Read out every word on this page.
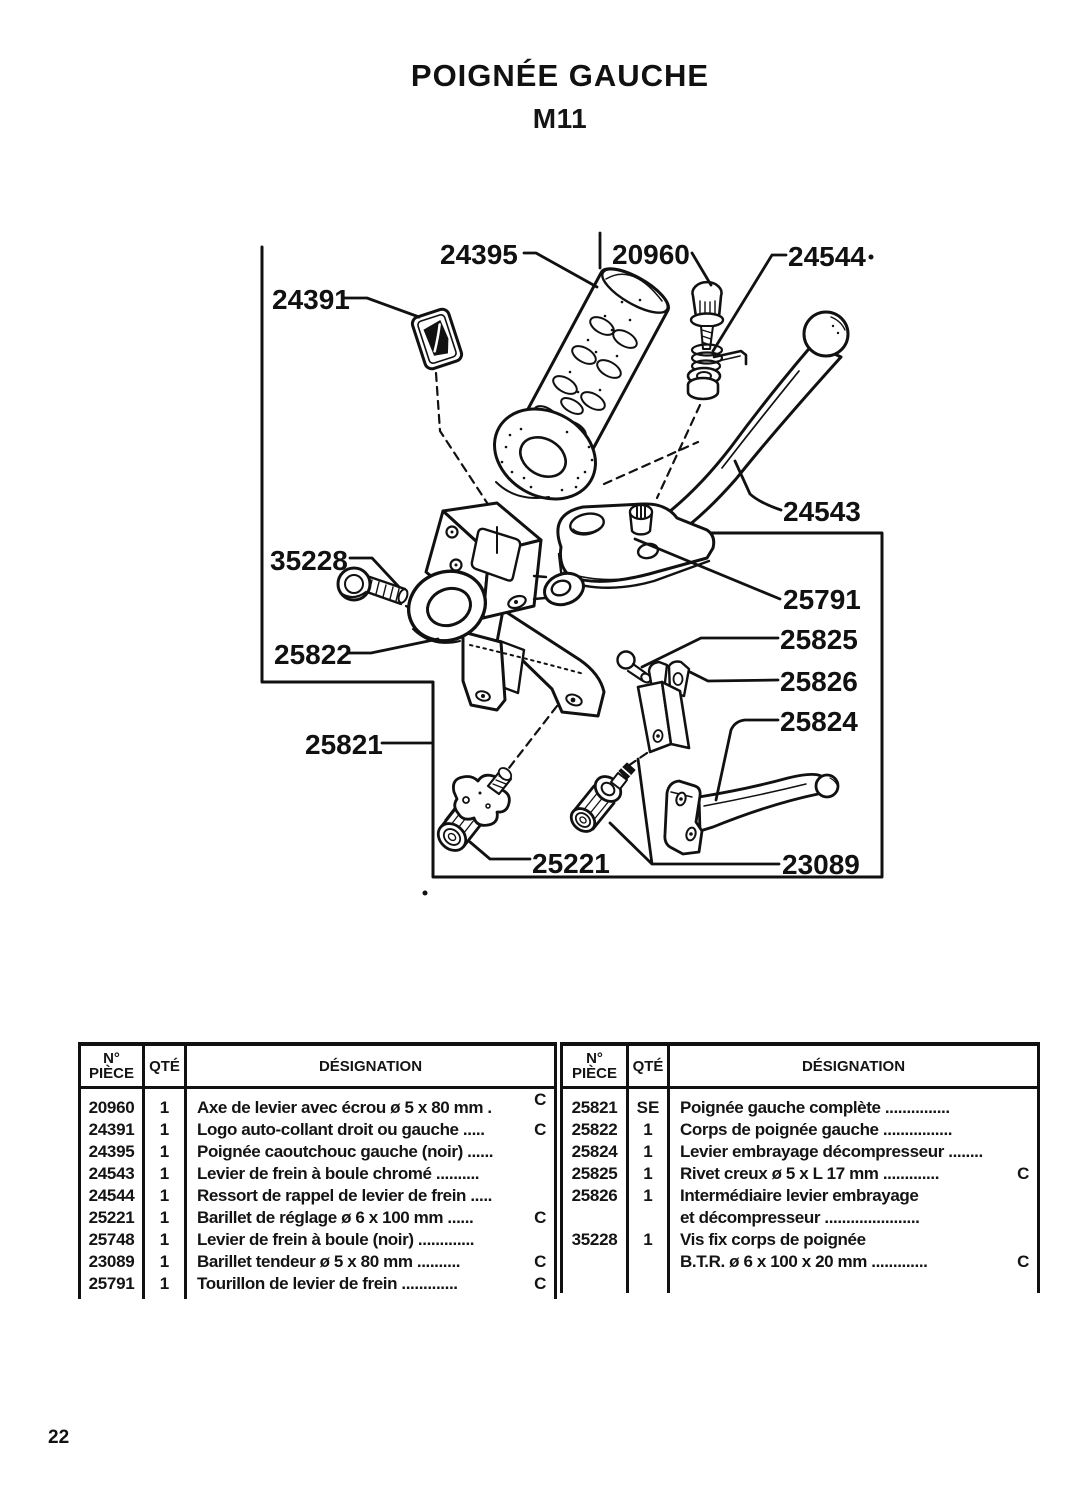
POIGNÉE GAUCHE
M11
24395	20960	24544
24391
24543
35228
25791
25822	25825
25826
25824
25821
25221	23089
N°
PIÈCE	QTÉ	DÉSIGNATION
20960	1	Axe de levier avec écrou ø 5 x 80 mm . C

24391	1	Logo auto-collant droit ou gauche ..... C

24395	1	Poignée caoutchouc gauche (noir) ......

24543	1	Levier de frein à boule chromé ..........

24544	1	Ressort de rappel de levier de frein .....

25221	1	Barillet de réglage ø 6 x 100 mm ...... C

25748	1	Levier de frein à boule (noir) .............

23089	1	Barillet tendeur ø 5 x 80 mm .......... C

25791	1	Tourillon de levier de frein ............. C

N°
PIÈCE	QTÉ	DÉSIGNATION
25821	SE	Poignée gauche complète ...............

25822	1	Corps de poignée gauche ................

25824	1	Levier embrayage décompresseur ........

25825	1	Rivet creux ø 5 x L 17 mm ............. C

25826	1	Intermédiaire levier embrayage

		et décompresseur ......................

35228	1	Vis fix corps de poignée

		B.T.R. ø 6 x 100 x 20 mm ............. C

22
